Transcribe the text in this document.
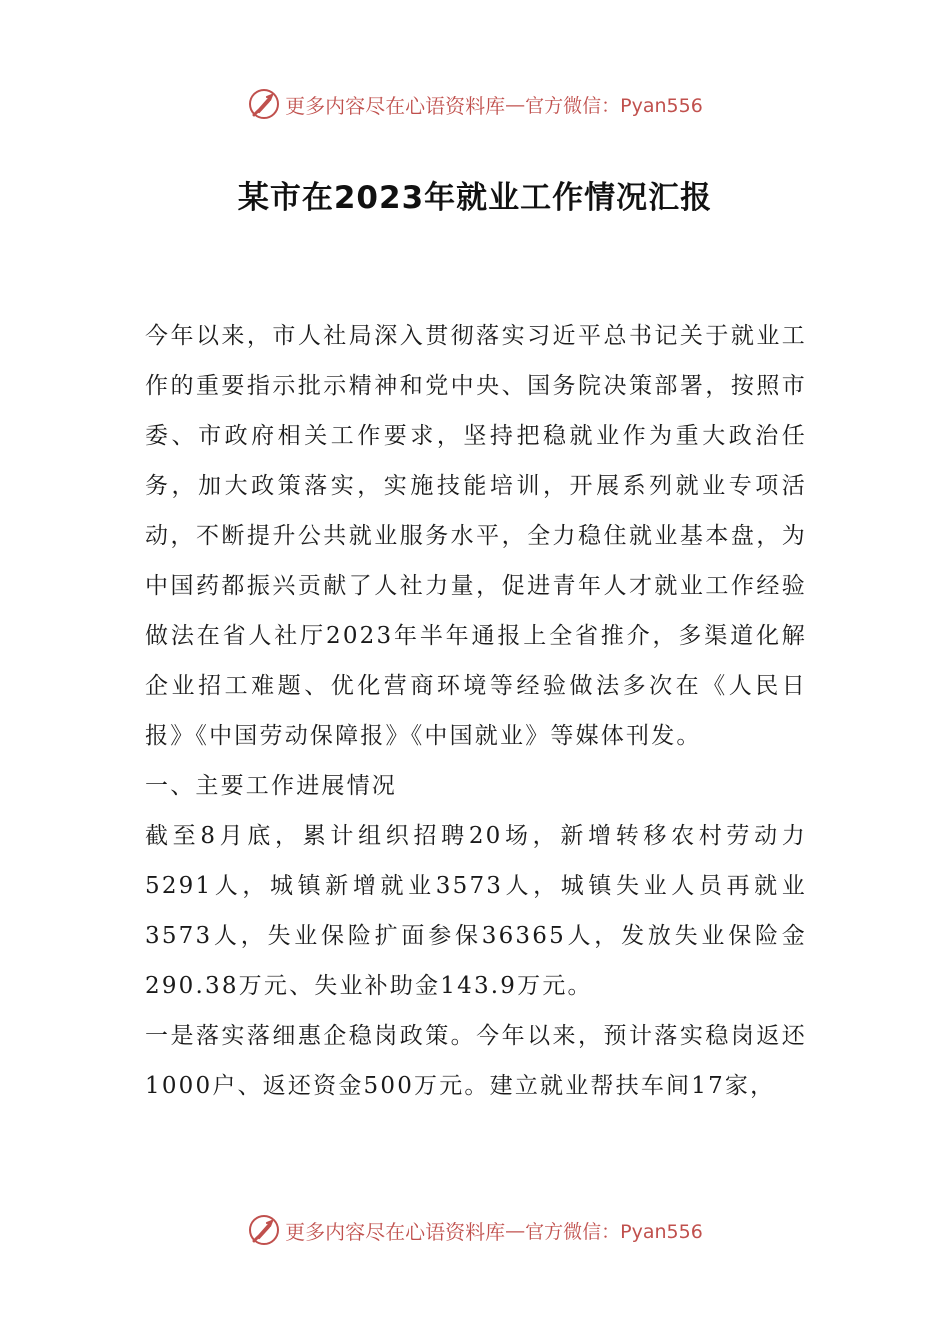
更多内容尽在心语资料库 — 官方微信：Pyan556
某市在2023年就业工作情况汇报

今年以来，市人社局深入贯彻落实习近平总书记关于就业工作的重要指示批示精神和党中央、国务院决策部署，按照市委、市政府相关工作要求，坚持把稳就业作为重大政治任务，加大政策落实，实施技能培训，开展系列就业专项活动，不断提升公共就业服务水平，全力稳住就业基本盘，为中国药都振兴贡献了人社力量，促进青年人才就业工作经验做法在省人社厅2023年半年通报上全省推介，多渠道化解企业招工难题、优化营商环境等经验做法多次在《人民日报》《中国劳动保障报》《中国就业》等媒体刊发。

一、主要工作进展情况

截至8月底，累计组织招聘20场，新增转移农村劳动力5291人，城镇新增就业3573人，城镇失业人员再就业3573人，失业保险扩面参保36365人，发放失业保险金290.38万元、失业补助金143.9万元。

一是落实落细惠企稳岗政策。今年以来，预计落实稳岗返还1000户、返还资金500万元。建立就业帮扶车间17家，

更多内容尽在心语资料库 — 官方微信：Pyan556
